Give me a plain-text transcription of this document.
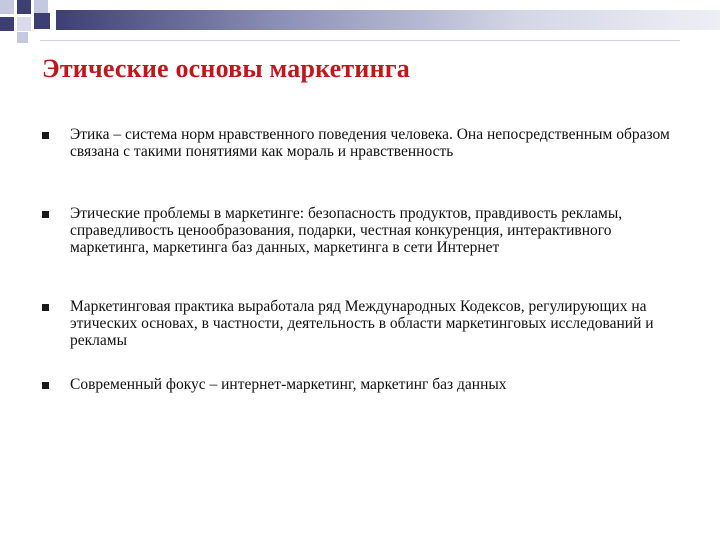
Этические основы маркетинга

Этика – система норм нравственного поведения человека. Она непосредственным образом связана с такими понятиями как мораль и нравственность

Этические проблемы в маркетинге: безопасность продуктов, правдивость рекламы, справедливость ценообразования, подарки, честная конкуренция, интерактивного маркетинга, маркетинга баз данных, маркетинга в сети Интернет

Маркетинговая практика выработала ряд Международных Кодексов, регулирующих на этических основах, в частности, деятельность в области маркетинговых исследований и рекламы

Современный фокус – интернет-маркетинг, маркетинг баз данных
